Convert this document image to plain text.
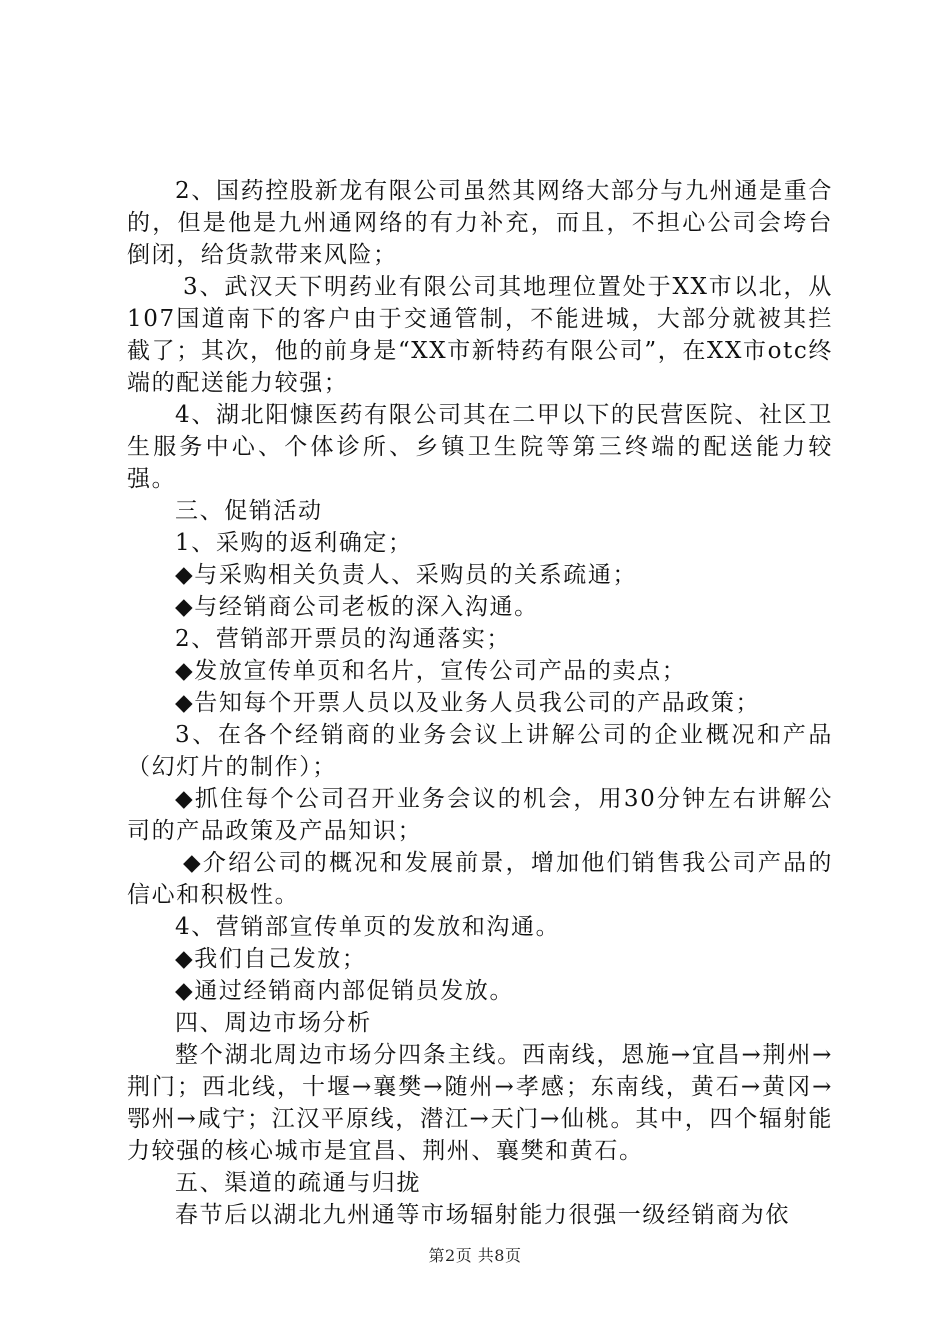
2、国药控股新龙有限公司虽然其网络大部分与九州通是重合的，但是他是九州通网络的有力补充，而且，不担心公司会垮台倒闭，给货款带来风险；

3、武汉天下明药业有限公司其地理位置处于XX市以北，从107国道南下的客户由于交通管制，不能进城，大部分就被其拦截了；其次，他的前身是“XX市新特药有限公司”，在XX市otc终端的配送能力较强；

4、湖北阳慷医药有限公司其在二甲以下的民营医院、社区卫生服务中心、个体诊所、乡镇卫生院等第三终端的配送能力较强。

三、促销活动

1、采购的返利确定；

◆与采购相关负责人、采购员的关系疏通；

◆与经销商公司老板的深入沟通。

2、营销部开票员的沟通落实；

◆发放宣传单页和名片，宣传公司产品的卖点；

◆告知每个开票人员以及业务人员我公司的产品政策；

3、在各个经销商的业务会议上讲解公司的企业概况和产品（幻灯片的制作）；

◆抓住每个公司召开业务会议的机会，用30分钟左右讲解公司的产品政策及产品知识；

◆介绍公司的概况和发展前景，增加他们销售我公司产品的信心和积极性。

4、营销部宣传单页的发放和沟通。

◆我们自己发放；

◆通过经销商内部促销员发放。

四、周边市场分析

整个湖北周边市场分四条主线。西南线，恩施→宜昌→荆州→荆门；西北线，十堰→襄樊→随州→孝感；东南线，黄石→黄冈→鄂州→咸宁；江汉平原线，潜江→天门→仙桃。其中，四个辐射能力较强的核心城市是宜昌、荆州、襄樊和黄石。

五、渠道的疏通与归拢

春节后以湖北九州通等市场辐射能力很强一级经销商为依

第2页 共8页
